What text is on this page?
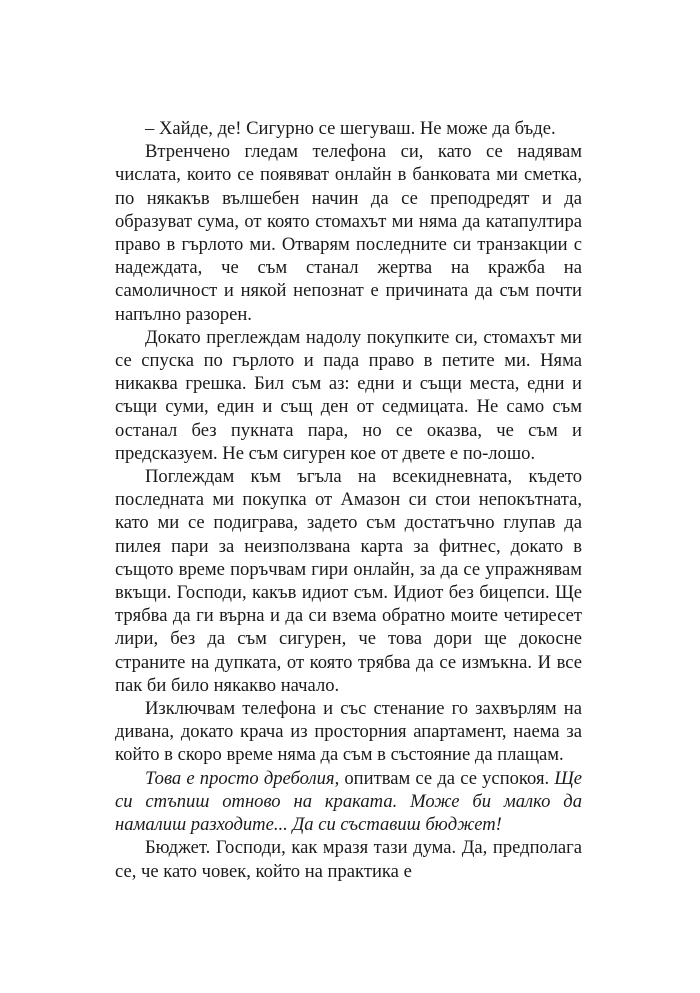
– Хайде, де! Сигурно се шегуваш. Не може да бъде.

Втренчено гледам телефона си, като се надявам числата, които се появяват онлайн в банковата ми сметка, по някакъв вълшебен начин да се преподредят и да образуват сума, от която стомахът ми няма да катапултира право в гърлото ми. Отварям последните си транзакции с надеждата, че съм станал жертва на кражба на самоличност и някой непознат е причината да съм почти напълно разорен.

Докато преглеждам надолу покупките си, стомахът ми се спуска по гърлото и пада право в петите ми. Няма никаква грешка. Бил съм аз: едни и същи места, едни и същи суми, един и същ ден от седмицата. Не само съм останал без пукната пара, но се оказва, че съм и предсказуем. Не съм сигурен кое от двете е по-лошо.

Поглеждам към ъгъла на всекидневната, където последната ми покупка от Амазон си стои непокътната, като ми се подиграва, задето съм достатъчно глупав да пилея пари за неизползвана карта за фитнес, докато в същото време поръчвам гири онлайн, за да се упражнявам вкъщи. Господи, какъв идиот съм. Идиот без бицепси. Ще трябва да ги върна и да си взема обратно моите четиресет лири, без да съм сигурен, че това дори ще докосне страните на дупката, от която трябва да се измъкна. И все пак би било някакво начало.

Изключвам телефона и със стенание го захвърлям на дивана, докато крача из просторния апартамент, наема за който в скоро време няма да съм в състояние да плащам.

Това е просто дреболия, опитвам се да се успокоя. Ще си стъпиш отново на краката. Може би малко да намалиш разходите... Да си съставиш бюджет!

Бюджет. Господи, как мразя тази дума. Да, предполага се, че като човек, който на практика е
